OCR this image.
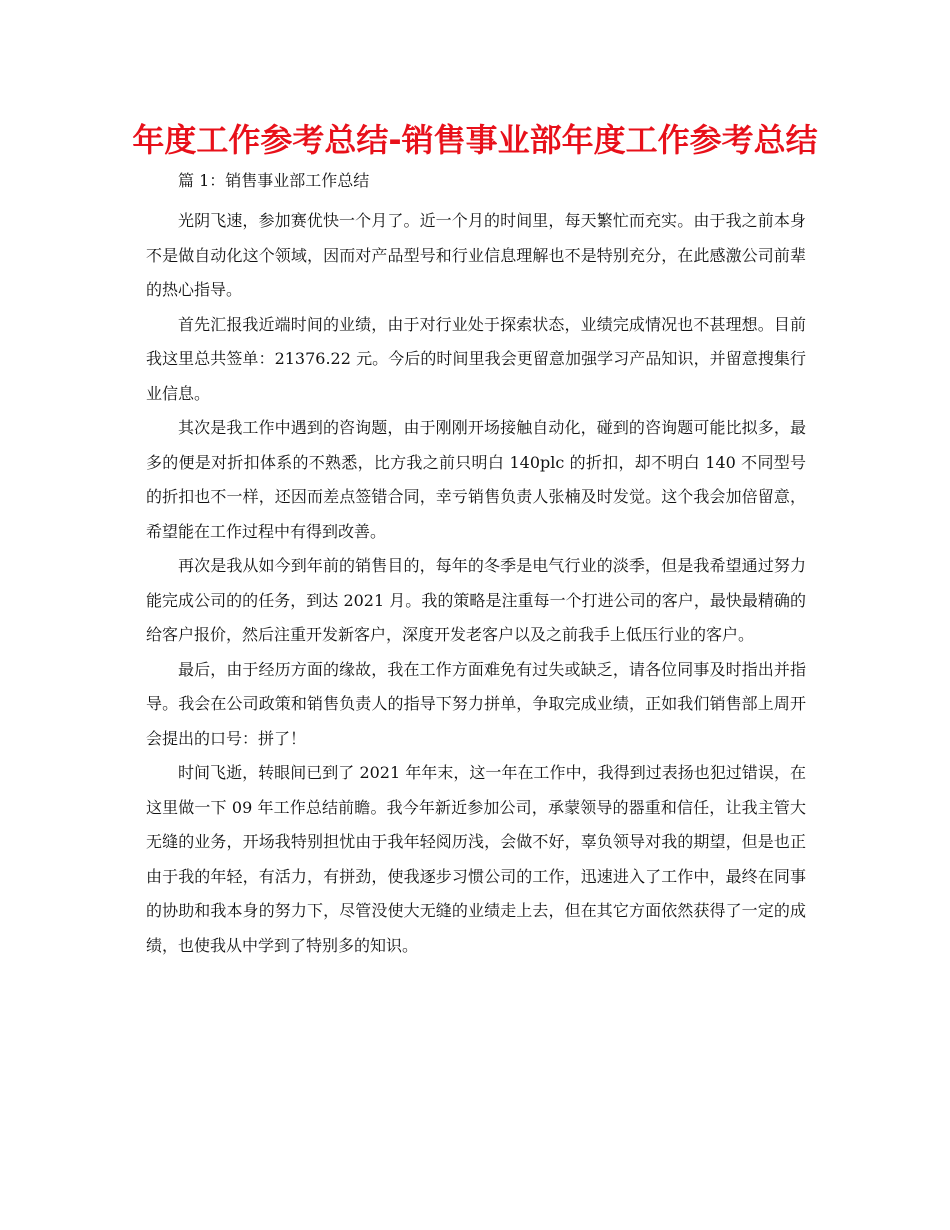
年度工作参考总结-销售事业部年度工作参考总结

篇 1：销售事业部工作总结

光阴飞速，参加赛优快一个月了。近一个月的时间里，每天繁忙而充实。由于我之前本身不是做自动化这个领域，因而对产品型号和行业信息理解也不是特别充分，在此感激公司前辈的热心指导。

首先汇报我近端时间的业绩，由于对行业处于探索状态，业绩完成情况也不甚理想。目前我这里总共签单：21376.22 元。今后的时间里我会更留意加强学习产品知识，并留意搜集行业信息。

其次是我工作中遇到的咨询题，由于刚刚开场接触自动化，碰到的咨询题可能比拟多，最多的便是对折扣体系的不熟悉，比方我之前只明白 140plc 的折扣，却不明白 140 不同型号的折扣也不一样，还因而差点签错合同，幸亏销售负责人张楠及时发觉。这个我会加倍留意，希望能在工作过程中有得到改善。

再次是我从如今到年前的销售目的，每年的冬季是电气行业的淡季，但是我希望通过努力能完成公司的的任务，到达 2021 月。我的策略是注重每一个打进公司的客户，最快最精确的给客户报价，然后注重开发新客户，深度开发老客户以及之前我手上低压行业的客户。

最后，由于经历方面的缘故，我在工作方面难免有过失或缺乏，请各位同事及时指出并指导。我会在公司政策和销售负责人的指导下努力拼单，争取完成业绩，正如我们销售部上周开会提出的口号：拼了！

时间飞逝，转眼间已到了 2021 年年末，这一年在工作中，我得到过表扬也犯过错误，在这里做一下 09 年工作总结前瞻。我今年新近参加公司，承蒙领导的器重和信任，让我主管大无缝的业务，开场我特别担忧由于我年轻阅历浅，会做不好，辜负领导对我的期望，但是也正由于我的年轻，有活力，有拼劲，使我逐步习惯公司的工作，迅速进入了工作中，最终在同事的协助和我本身的努力下，尽管没使大无缝的业绩走上去，但在其它方面依然获得了一定的成绩，也使我从中学到了特别多的知识。
